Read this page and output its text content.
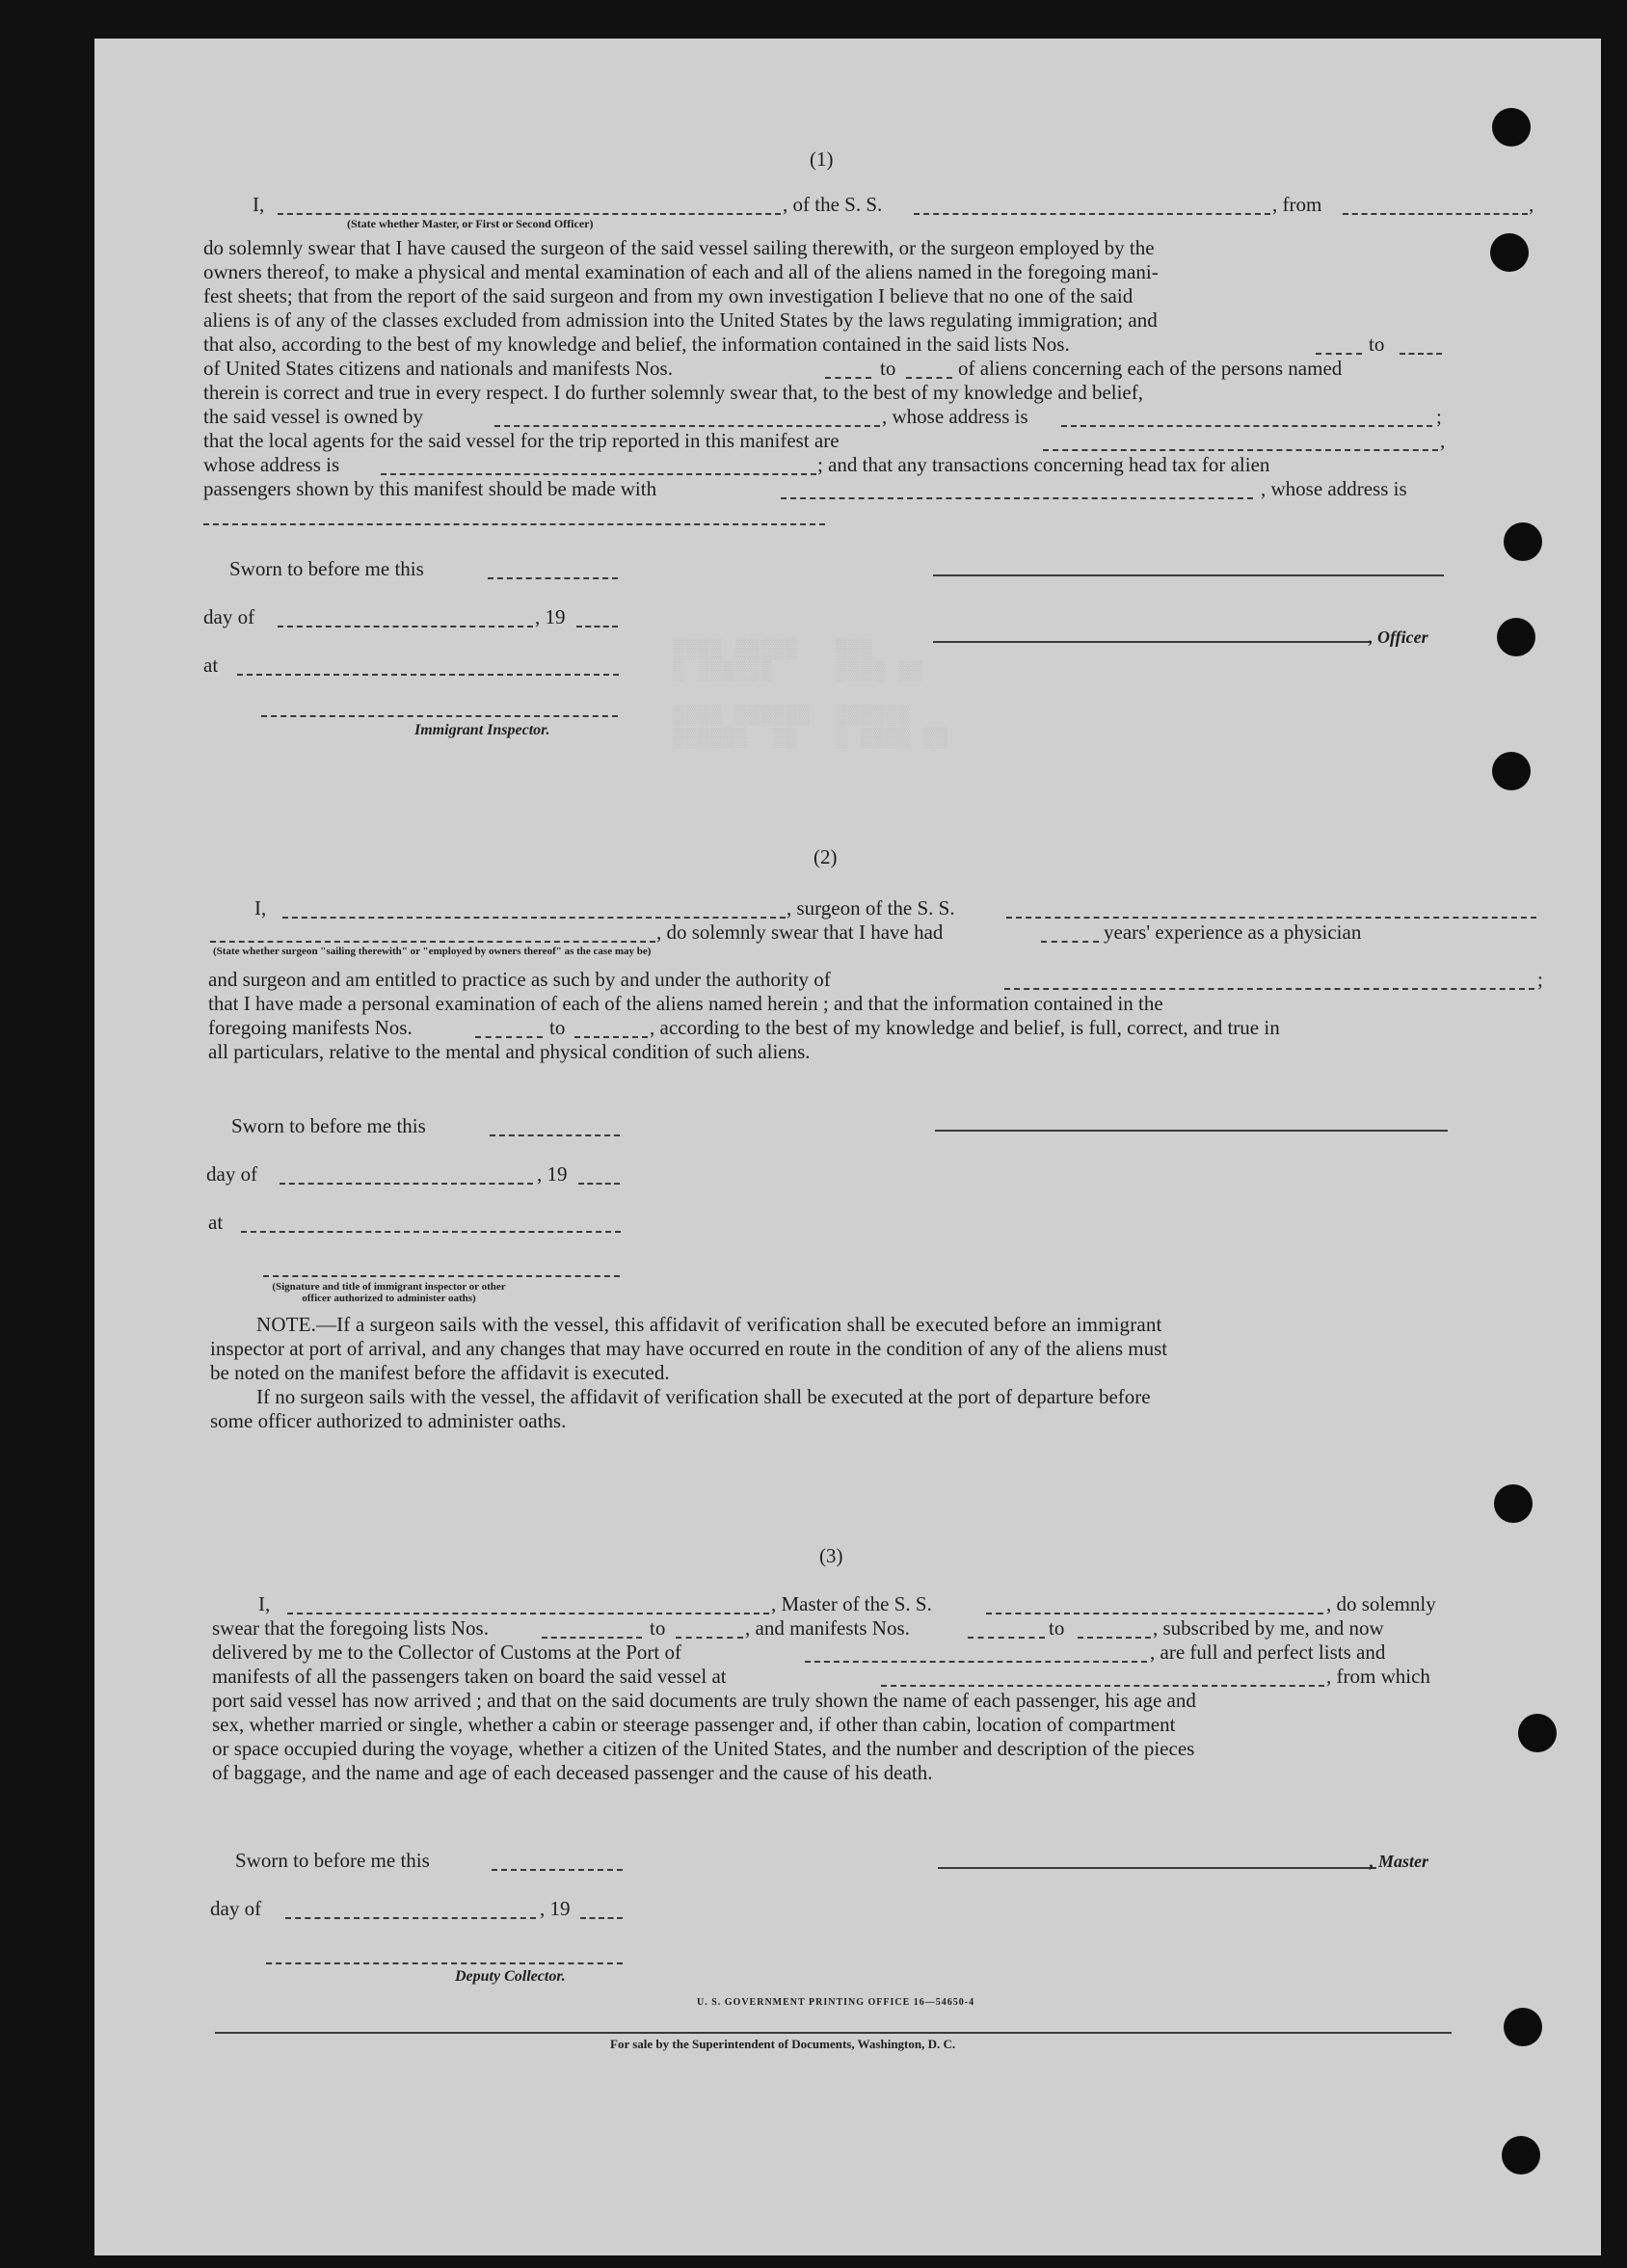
▒▒▒▒ ▒▒▒▒▒   ▒▒▒
▒ ▒▒▒▒▒▒     ▒▒▒▒ ▒▒

▒▒▒▒ ▒▒▒▒▒▒  ▒▒▒▒▒▒
▒▒▒▒▒▒  ▒▒   ▒ ▒▒▒▒ ▒▒

(1)
I,	, of the S. S.	, from	,
(State whether Master, or First or Second Officer)
do solemnly swear that I have caused the surgeon of the said vessel sailing therewith, or the surgeon employed by the
owners thereof, to make a physical and mental examination of each and all of the aliens named in the foregoing mani-
fest sheets; that from the report of the said surgeon and from my own investigation I believe that no one of the said
aliens is of any of the classes excluded from admission into the United States by the laws regulating immigration; and
that also, according to the best of my knowledge and belief, the information contained in the said lists Nos.	to
of United States citizens and nationals and manifests Nos.	to	of aliens concerning each of the persons named
therein is correct and true in every respect. I do further solemnly swear that, to the best of my knowledge and belief,
the said vessel is owned by	, whose address is	;
that the local agents for the said vessel for the trip reported in this manifest are	,
whose address is	; and that any transactions concerning head tax for alien
passengers shown by this manifest should be made with	, whose address is
Sworn to before me this
day of	, 19
, Officer
at
Immigrant Inspector.
(2)
I,	, surgeon of the S. S.
, do solemnly swear that I have had	years' experience as a physician
(State whether surgeon "sailing therewith" or "employed by owners thereof" as the case may be)
and surgeon and am entitled to practice as such by and under the authority of	;
that I have made a personal examination of each of the aliens named herein ; and that the information contained in the
foregoing manifests Nos.	to	, according to the best of my knowledge and belief, is full, correct, and true in
all particulars, relative to the mental and physical condition of such aliens.
Sworn to before me this
day of	, 19
at
(Signature and title of immigrant inspector or other officer authorized to administer oaths)
NOTE.—If a surgeon sails with the vessel, this affidavit of verification shall be executed before an immigrant
inspector at port of arrival, and any changes that may have occurred en route in the condition of any of the aliens must
be noted on the manifest before the affidavit is executed.
If no surgeon sails with the vessel, the affidavit of verification shall be executed at the port of departure before
some officer authorized to administer oaths.
(3)
I,	, Master of the S. S.	, do solemnly
swear that the foregoing lists Nos.	to	, and manifests Nos.	to	, subscribed by me, and now
delivered by me to the Collector of Customs at the Port of	, are full and perfect lists and
manifests of all the passengers taken on board the said vessel at	, from which
port said vessel has now arrived ; and that on the said documents are truly shown the name of each passenger, his age and
sex, whether married or single, whether a cabin or steerage passenger and, if other than cabin, location of compartment
or space occupied during the voyage, whether a citizen of the United States, and the number and description of the pieces
of baggage, and the name and age of each deceased passenger and the cause of his death.
Sworn to before me this	, Master
day of	, 19
Deputy Collector.
U. S. GOVERNMENT PRINTING OFFICE 16—54650-4
For sale by the Superintendent of Documents, Washington, D. C.
